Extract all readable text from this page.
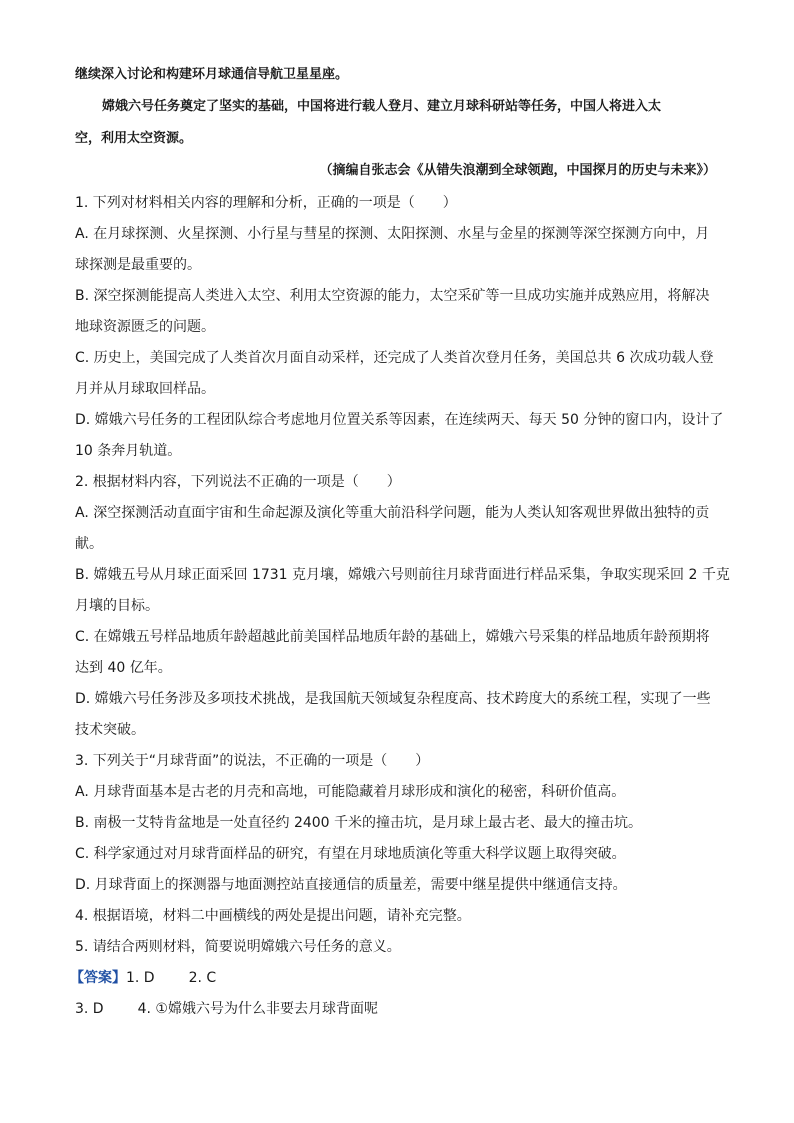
继续深入讨论和构建环月球通信导航卫星星座。
嫦娥六号任务奠定了坚实的基础，中国将进行载人登月、建立月球科研站等任务，中国人将进入太
空，利用太空资源。
（摘编自张志会《从错失浪潮到全球领跑，中国探月的历史与未来》）
1. 下列对材料相关内容的理解和分析，正确的一项是（　　）
A. 在月球探测、火星探测、小行星与彗星的探测、太阳探测、水星与金星的探测等深空探测方向中，月
球探测是最重要的。
B. 深空探测能提高人类进入太空、利用太空资源的能力，太空采矿等一旦成功实施并成熟应用，将解决
地球资源匮乏的问题。
C. 历史上，美国完成了人类首次月面自动采样，还完成了人类首次登月任务，美国总共 6 次成功载人登
月并从月球取回样品。
D. 嫦娥六号任务的工程团队综合考虑地月位置关系等因素，在连续两天、每天 50 分钟的窗口内，设计了
10 条奔月轨道。
2. 根据材料内容，下列说法不正确的一项是（　　）
A. 深空探测活动直面宇宙和生命起源及演化等重大前沿科学问题，能为人类认知客观世界做出独特的贡
献。
B. 嫦娥五号从月球正面采回 1731 克月壤，嫦娥六号则前往月球背面进行样品采集，争取实现采回 2 千克
月壤的目标。
C. 在嫦娥五号样品地质年龄超越此前美国样品地质年龄的基础上，嫦娥六号采集的样品地质年龄预期将
达到 40 亿年。
D. 嫦娥六号任务涉及多项技术挑战，是我国航天领域复杂程度高、技术跨度大的系统工程，实现了一些
技术突破。
3. 下列关于“月球背面”的说法，不正确的一项是（　　）
A. 月球背面基本是古老的月壳和高地，可能隐藏着月球形成和演化的秘密，科研价值高。
B. 南极一艾特肯盆地是一处直径约 2400 千米的撞击坑，是月球上最古老、最大的撞击坑。
C. 科学家通过对月球背面样品的研究，有望在月球地质演化等重大科学议题上取得突破。
D. 月球背面上的探测器与地面测控站直接通信的质量差，需要中继星提供中继通信支持。
4. 根据语境，材料二中画横线的两处是提出问题，请补充完整。
5. 请结合两则材料，简要说明嫦娥六号任务的意义。
【答案】1. D 2. C
3. D 4. ①嫦娥六号为什么非要去月球背面呢
